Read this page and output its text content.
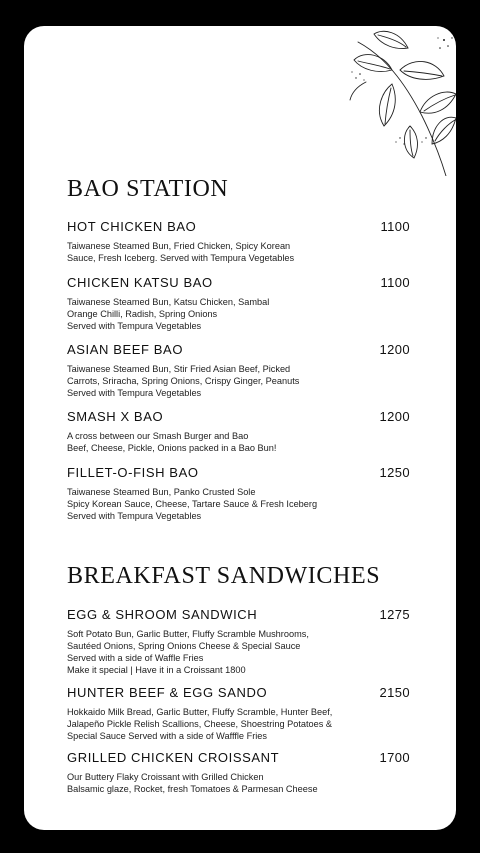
BAO STATION
HOT CHICKEN BAO	1100
Taiwanese Steamed Bun, Fried Chicken, Spicy Korean
Sauce, Fresh Iceberg. Served with Tempura Vegetables
CHICKEN KATSU BAO	1100
Taiwanese Steamed Bun, Katsu Chicken, Sambal
Orange Chilli, Radish, Spring Onions
Served with Tempura Vegetables
ASIAN BEEF BAO	1200
Taiwanese Steamed Bun, Stir Fried Asian Beef, Picked
Carrots, Sriracha, Spring Onions, Crispy Ginger, Peanuts
Served with Tempura Vegetables
SMASH X BAO	1200
A cross between our Smash Burger and Bao
Beef, Cheese, Pickle, Onions packed in a Bao Bun!
FILLET-O-FISH BAO	1250
Taiwanese Steamed Bun, Panko Crusted Sole
Spicy Korean Sauce, Cheese, Tartare Sauce & Fresh Iceberg
Served with Tempura Vegetables
BREAKFAST SANDWICHES
EGG & SHROOM SANDWICH	1275
Soft Potato Bun, Garlic Butter, Fluffy Scramble Mushrooms,
Sautéed Onions, Spring Onions Cheese & Special Sauce
Served with a side of Waffle Fries
Make it special | Have it in a Croissant 1800
HUNTER BEEF & EGG SANDO	2150
Hokkaido Milk Bread, Garlic Butter, Fluffy Scramble, Hunter Beef,
Jalapeño Pickle Relish Scallions, Cheese, Shoestring Potatoes &
Special Sauce Served with a side of Wafffle Fries
GRILLED CHICKEN CROISSANT	1700
Our Buttery Flaky Croissant with Grilled Chicken
Balsamic glaze, Rocket, fresh Tomatoes & Parmesan Cheese
